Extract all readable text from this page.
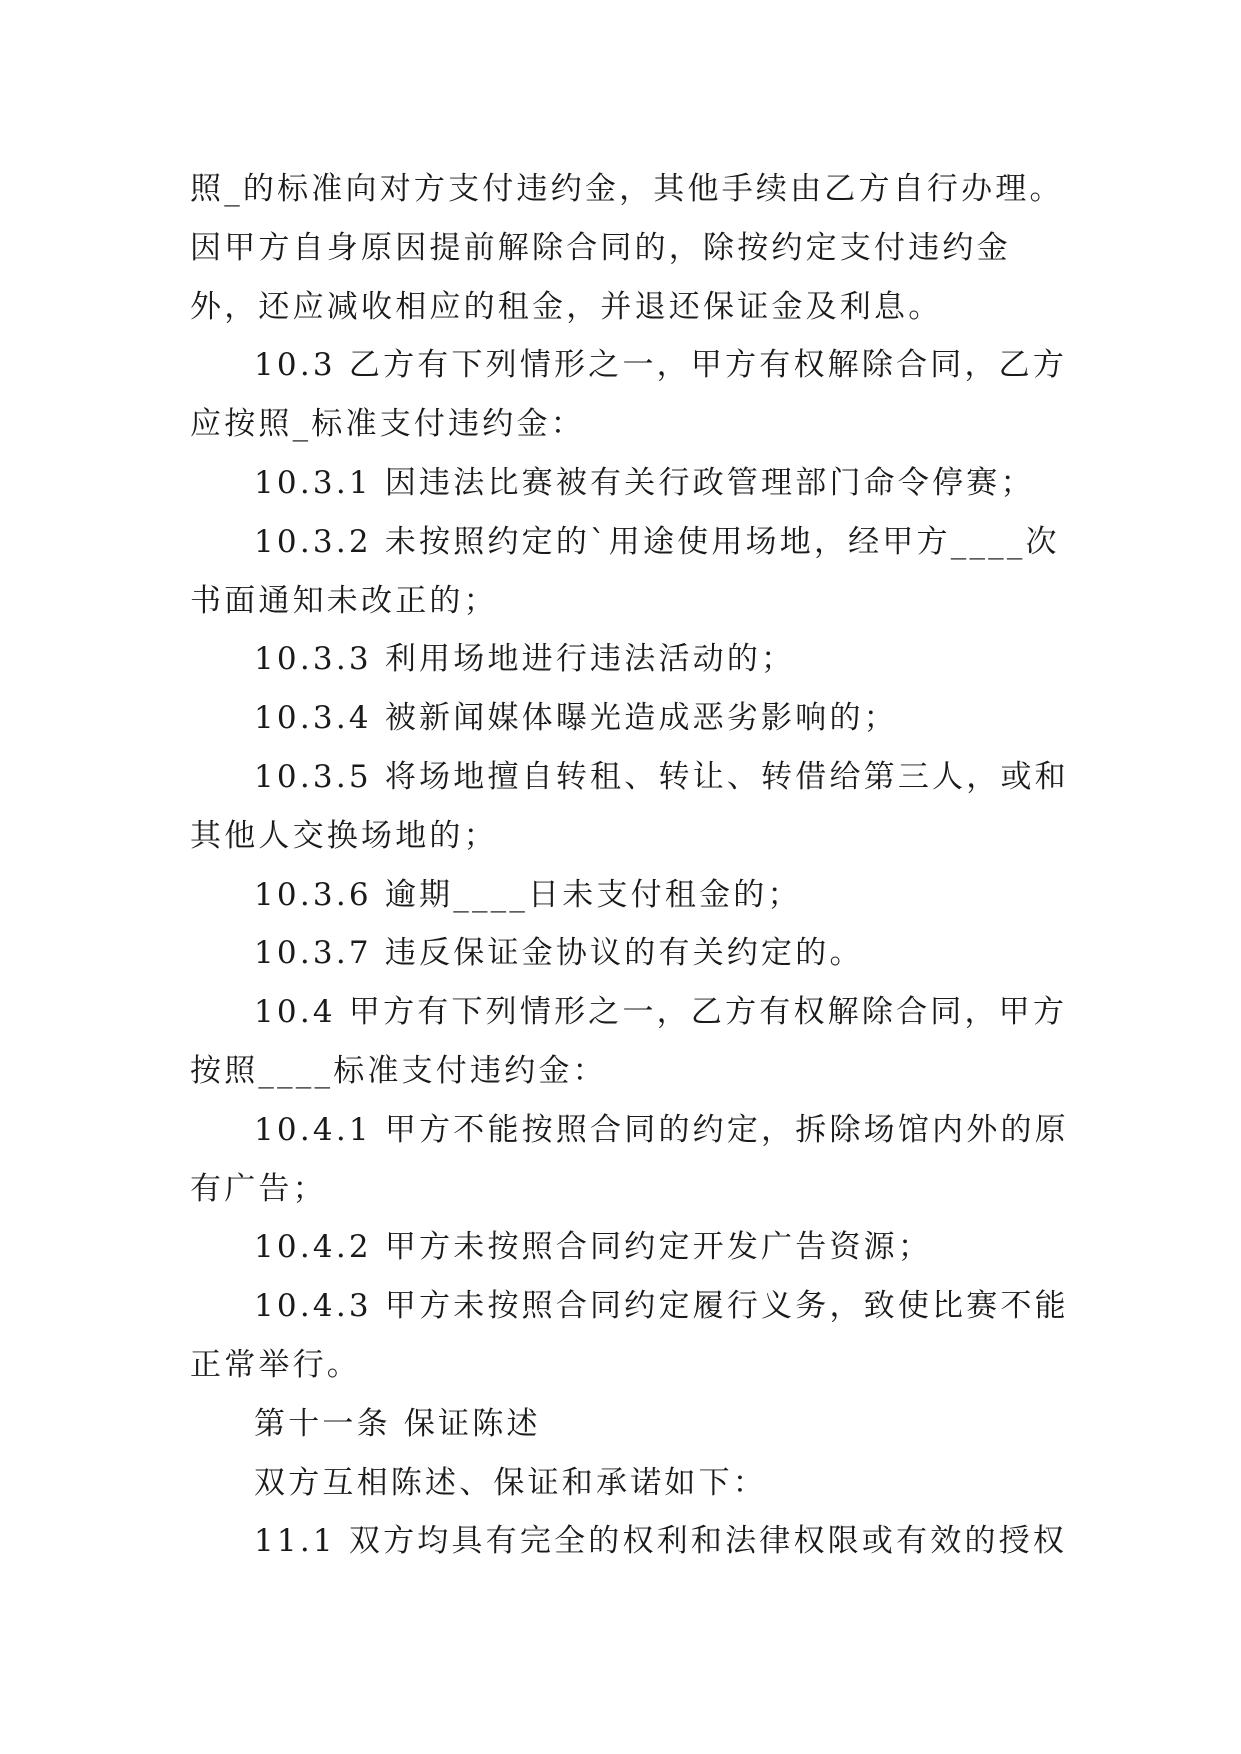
照_的标准向对方支付违约金，其他手续由乙方自行办理。因甲方自身原因提前解除合同的，除按约定支付违约金外，还应减收相应的租金，并退还保证金及利息。

10.3 乙方有下列情形之一，甲方有权解除合同，乙方应按照_标准支付违约金：

10.3.1 因违法比赛被有关行政管理部门命令停赛；

10.3.2 未按照约定的`用途使用场地，经甲方____次书面通知未改正的；

10.3.3 利用场地进行违法活动的；

10.3.4 被新闻媒体曝光造成恶劣影响的；

10.3.5 将场地擅自转租、转让、转借给第三人，或和其他人交换场地的；

10.3.6 逾期____日未支付租金的；

10.3.7 违反保证金协议的有关约定的。

10.4 甲方有下列情形之一，乙方有权解除合同，甲方按照____标准支付违约金：

10.4.1 甲方不能按照合同的约定，拆除场馆内外的原有广告；

10.4.2 甲方未按照合同约定开发广告资源；

10.4.3 甲方未按照合同约定履行义务，致使比赛不能正常举行。

第十一条 保证陈述

双方互相陈述、保证和承诺如下：

11.1 双方均具有完全的权利和法律权限或有效的授权
